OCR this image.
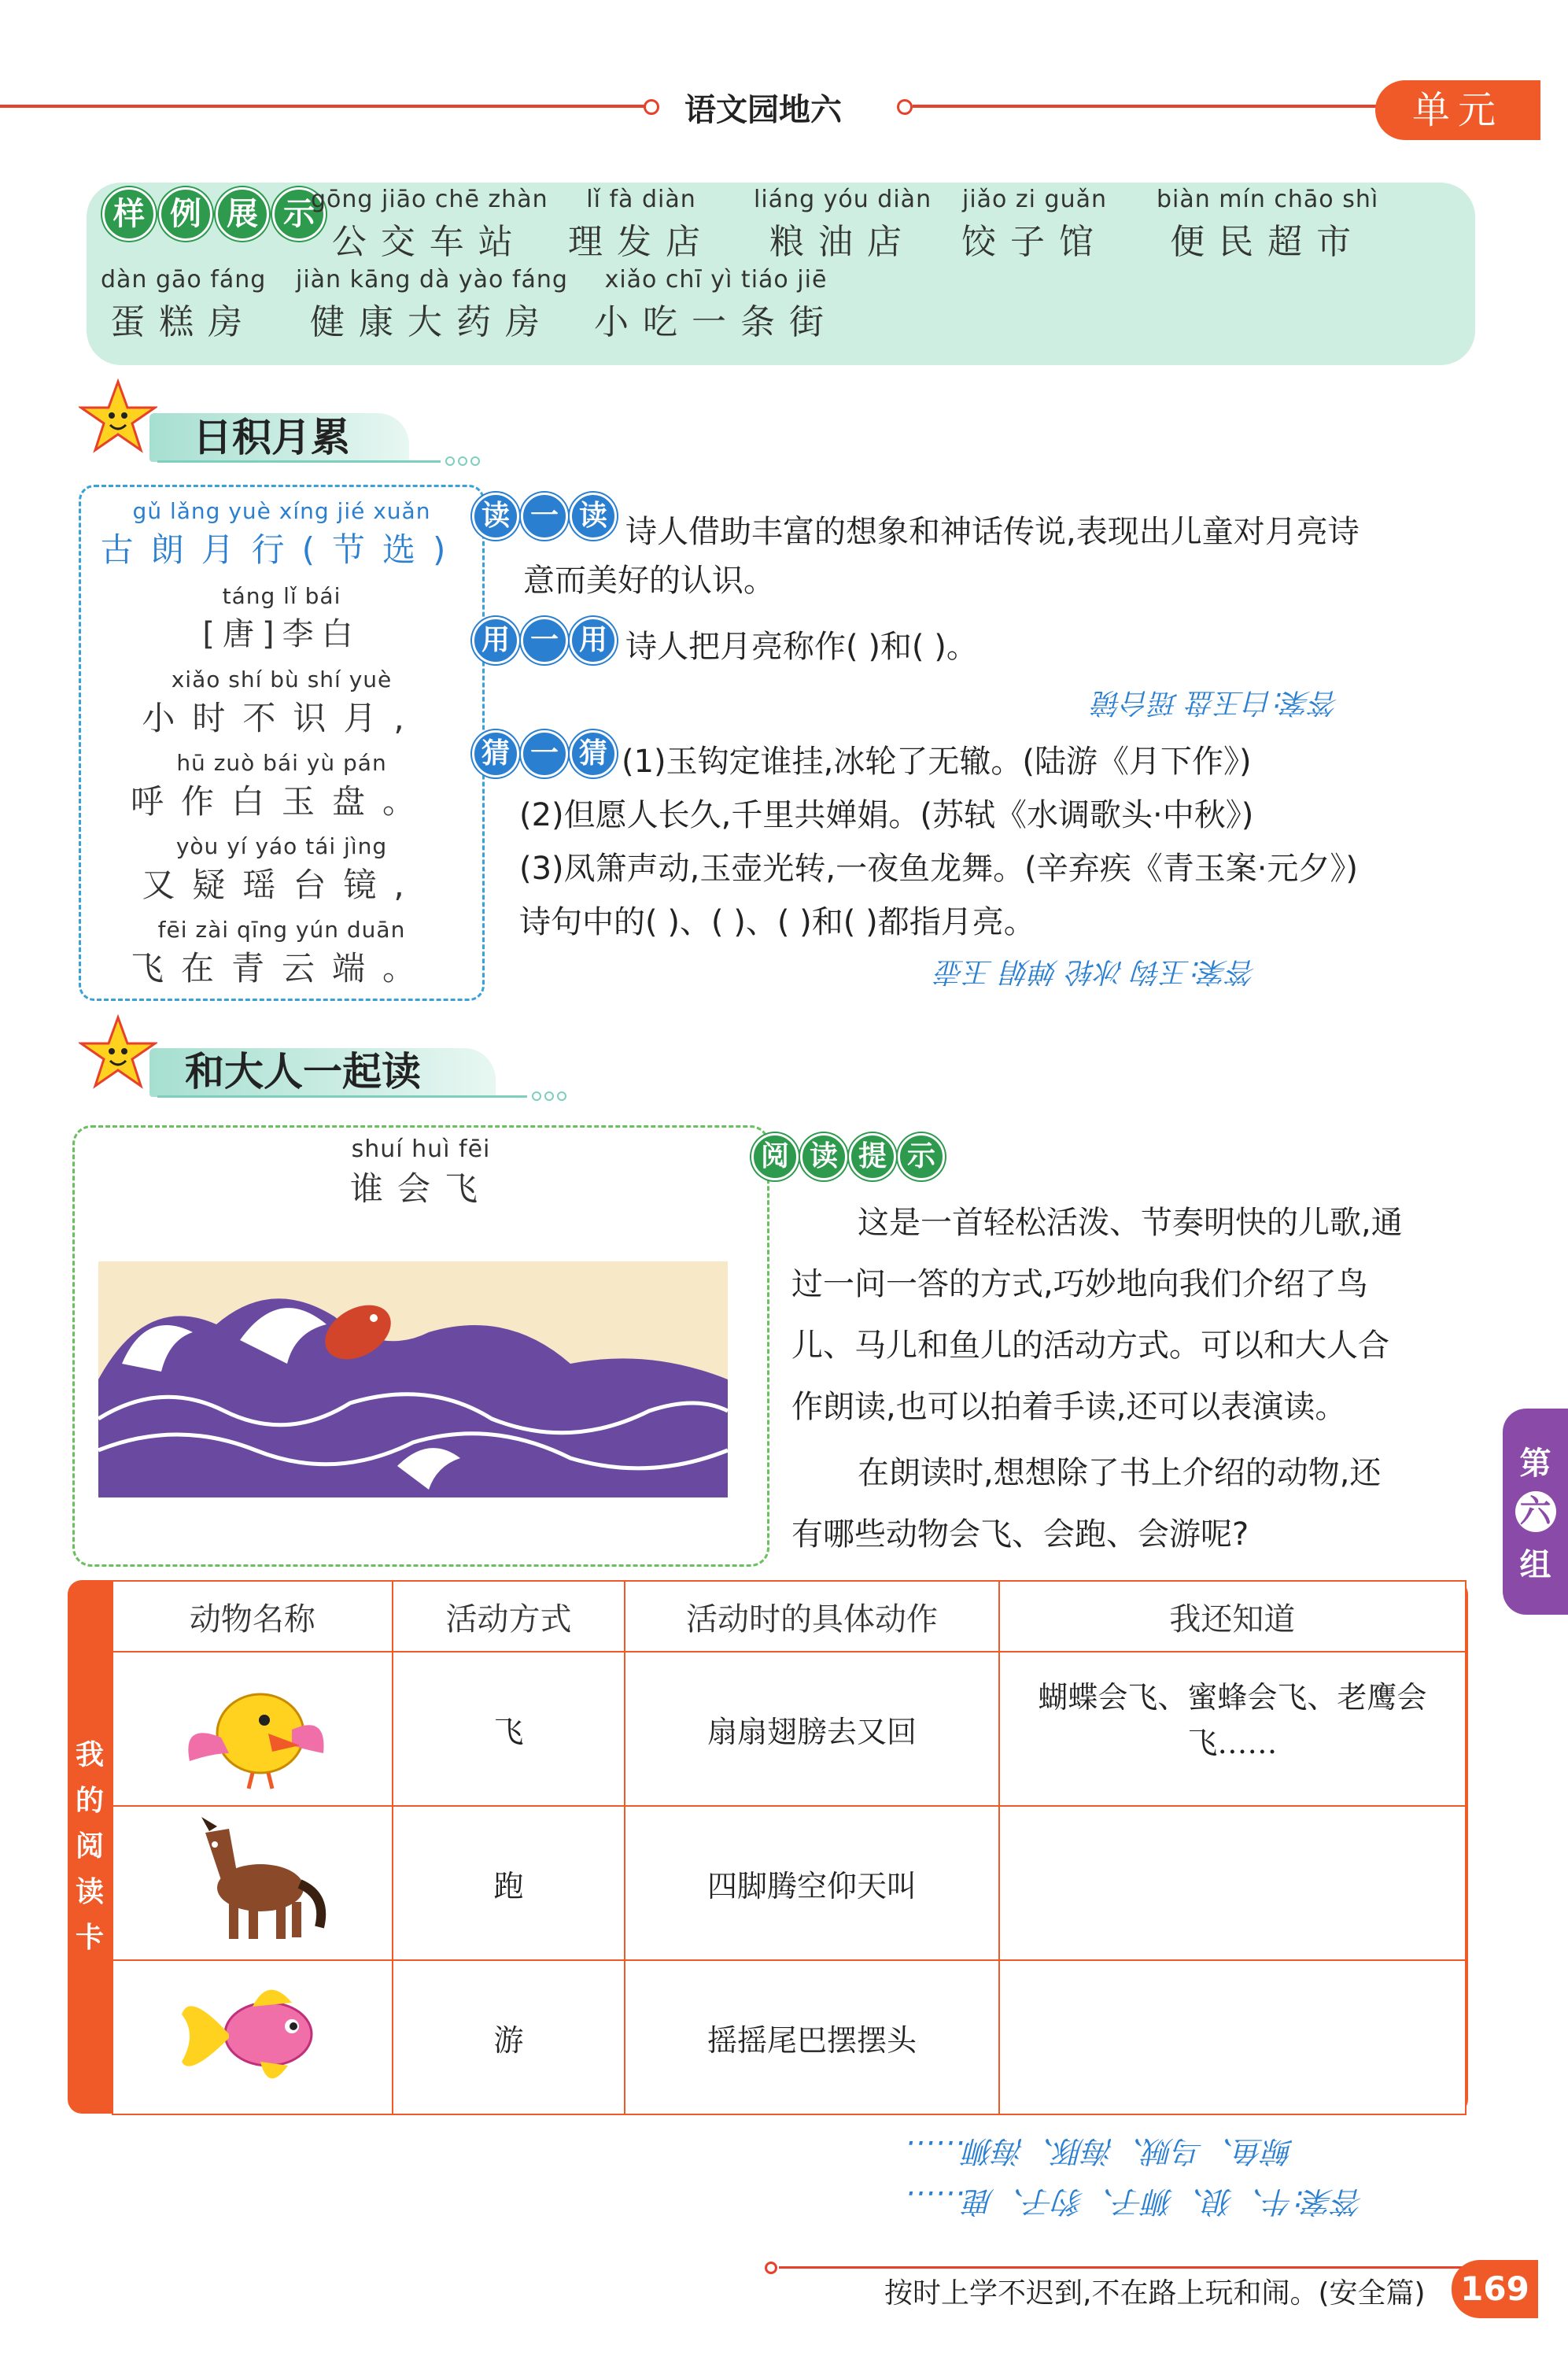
语文园地六	单元
样 例 展 示
gōng jiāo chē zhàn
公交车站
lǐ fà diàn
理发店
liáng yóu diàn
粮油店
jiǎo zi guǎn
饺子馆
biàn mín chāo shì
便民超市
dàn gāo fáng
蛋糕房
jiàn kāng dà yào fáng
健康大药房
xiǎo chī yì tiáo jiē
小吃一条街
日积月累
gǔ lǎng yuè xíng jié xuǎn
古朗月行(节选)
táng lǐ bái
[唐]李白
xiǎo shí bù shí yuè
小时不识月,
hū zuò bái yù pán
呼作白玉盘。
yòu yí yáo tái jìng
又疑瑶台镜,
fēi zài qīng yún duān
飞在青云端。
读 一 读 诗人借助丰富的想象和神话传说,表现出儿童对月亮诗
意而美好的认识。
用 一 用 诗人把月亮称作( )和( )。
答案:白玉盘 瑶台镜
猜 一 猜 (1)玉钩定谁挂,冰轮了无辙。(陆游《月下作》)
(2)但愿人长久,千里共婵娟。(苏轼《水调歌头·中秋》)
(3)凤箫声动,玉壶光转,一夜鱼龙舞。(辛弃疾《青玉案·元夕》)
诗句中的( )、( )、( )和( )都指月亮。
答案:玉钩 冰轮 婵娟 玉壶
和大人一起读
shuí huì fēi
谁会飞
阅 读 提 示
这是一首轻松活泼、节奏明快的儿歌,通
过一问一答的方式,巧妙地向我们介绍了鸟
儿、马儿和鱼儿的活动方式。可以和大人合
作朗读,也可以拍着手读,还可以表演读。
在朗读时,想想除了书上介绍的动物,还
有哪些动物会飞、会跑、会游呢?
第
六
组
我
的
阅
读
卡
动物名称	活动方式	活动时的具体动作	我还知道
	飞	扇扇翅膀去又回	蝴蝶会飞、蜜蜂会飞、老鹰会飞……
	跑	四脚腾空仰天叫	
	游	摇摇尾巴摆摆头	
鲸鱼、乌贼、海豚、海狮……
答案:牛、狼、狮子、豹子、鹿……
按时上学不迟到,不在路上玩和闹。(安全篇) 169
